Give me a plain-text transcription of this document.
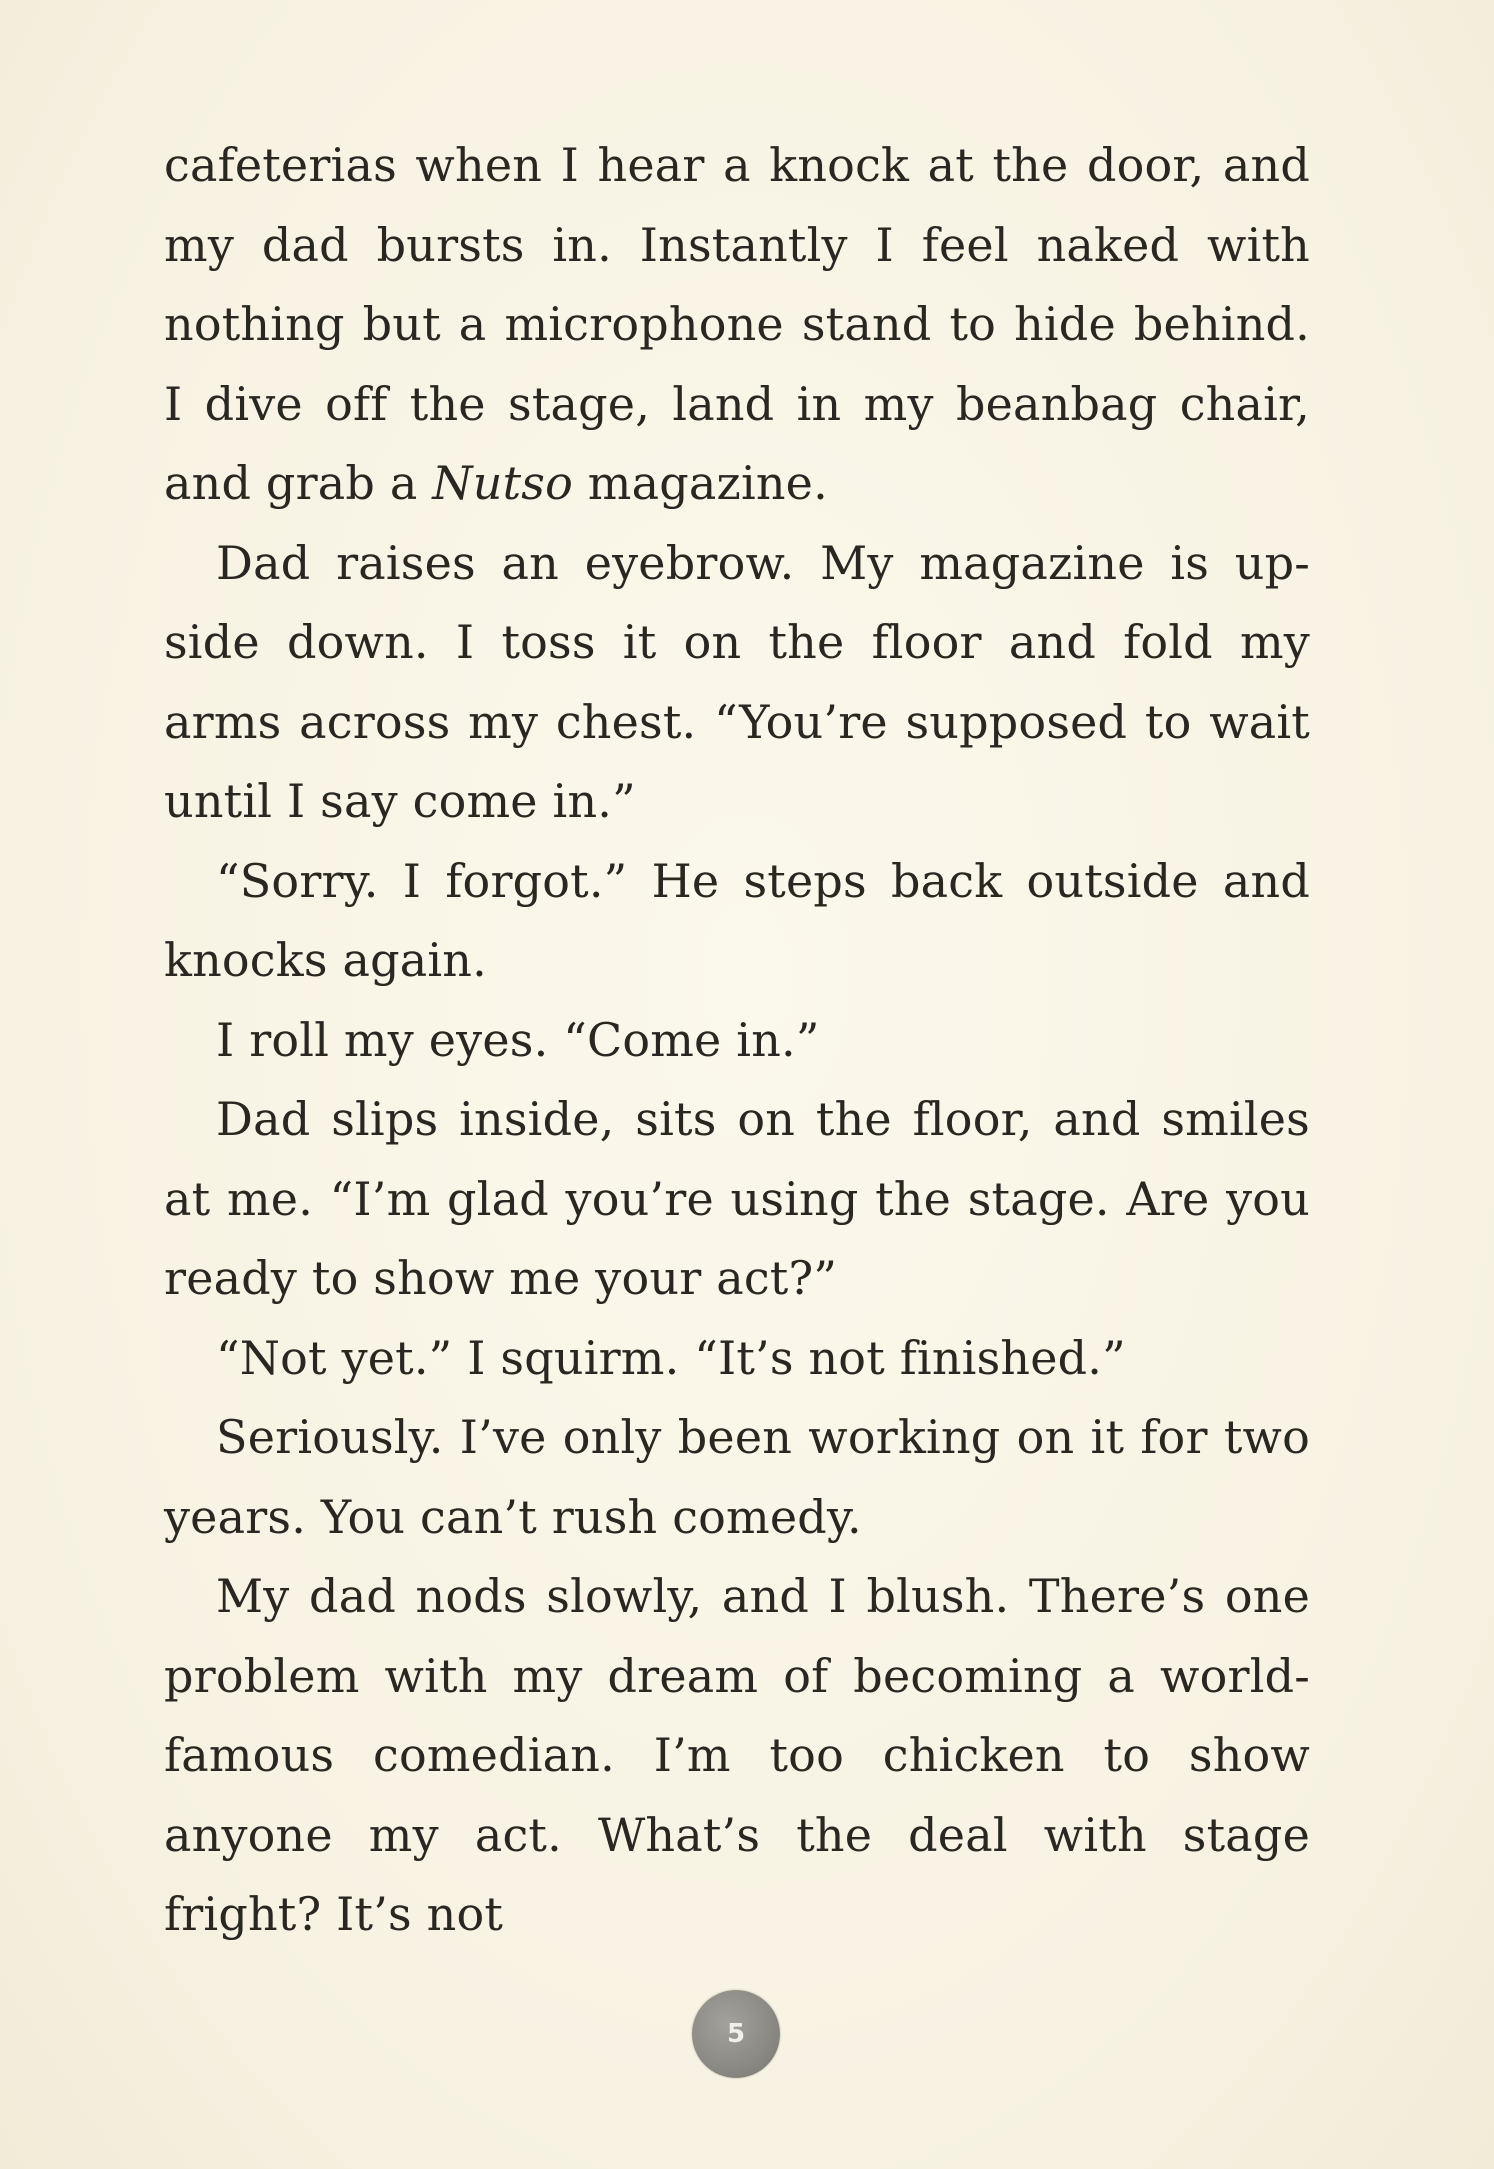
cafeterias when I hear a knock at the door, and my dad bursts in. Instantly I feel naked with nothing but a microphone stand to hide behind. I dive off the stage, land in my beanbag chair, and grab a Nutso magazine.

Dad raises an eyebrow. My magazine is up-side down. I toss it on the floor and fold my arms across my chest. “You’re supposed to wait until I say come in.”

“Sorry. I forgot.” He steps back outside and knocks again.

I roll my eyes. “Come in.”

Dad slips inside, sits on the floor, and smiles at me. “I’m glad you’re using the stage. Are you ready to show me your act?”

“Not yet.” I squirm. “It’s not finished.”

Seriously. I’ve only been working on it for two years. You can’t rush comedy.

My dad nods slowly, and I blush. There’s one problem with my dream of becoming a world-famous comedian. I’m too chicken to show anyone my act. What’s the deal with stage fright? It’s not

5
